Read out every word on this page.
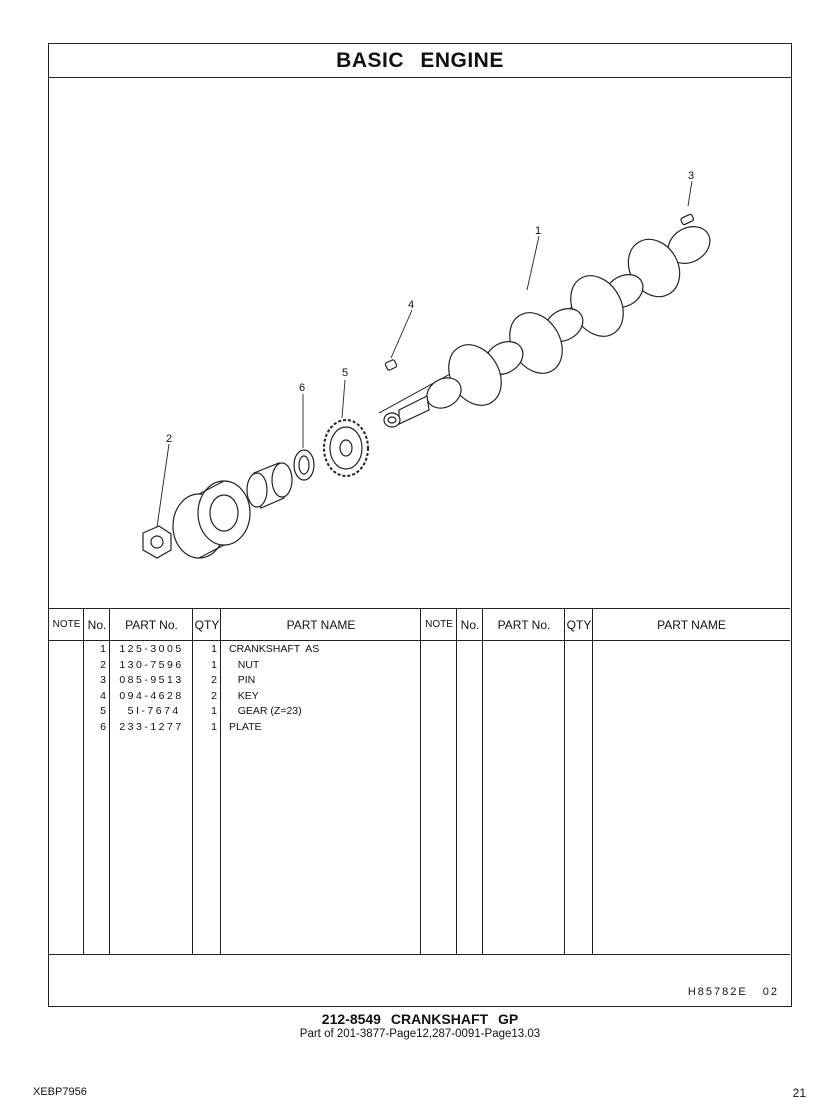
BASIC ENGINE
1
2
3
4
5
6
NOTE No.	PART No.	QTY	PART NAME	NOTE No.	PART No.	QTY	PART NAME
1	125-3005	1 CRANKSHAFT  AS
2	130-7596	1 NUT
3	085-9513	2 PIN
4	094-4628	2 KEY
5	5I-7674	1 GEAR (Z=23)
6	233-1277	1 PLATE
H85782E 02
212-8549 CRANKSHAFT GP
Part of 201-3877-Page12,287-0091-Page13.03
XEBP7956	21
